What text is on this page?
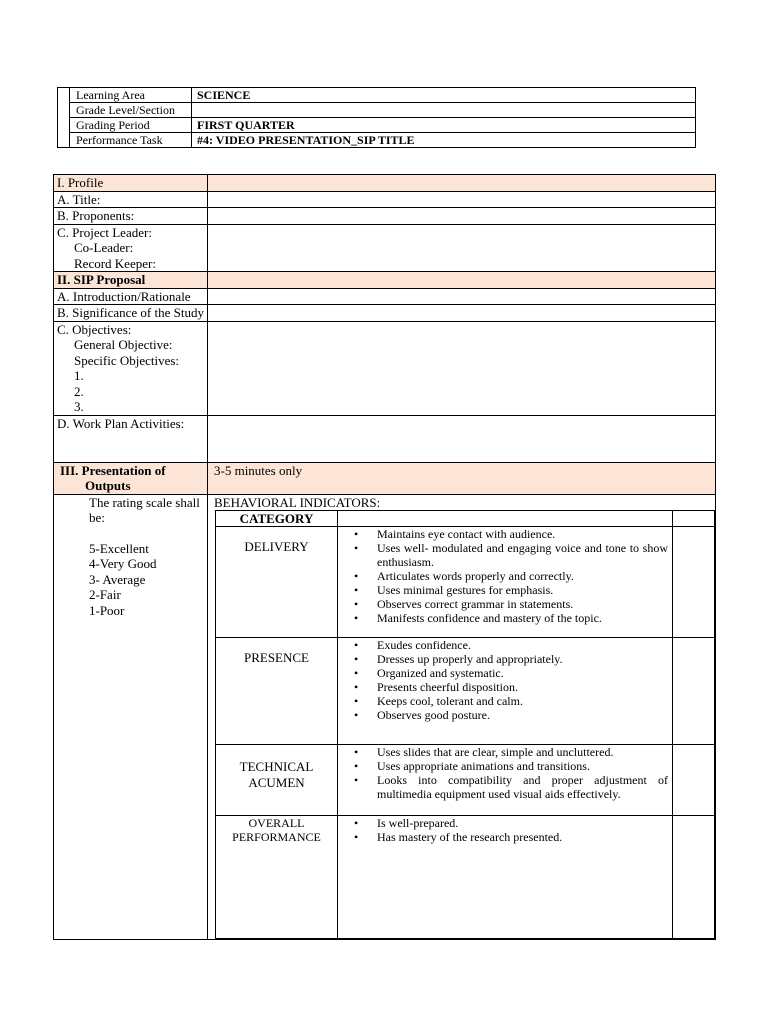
	Learning Area	SCIENCE
	Grade Level/Section	
	Grading Period	FIRST QUARTER
	Performance Task	#4: VIDEO PRESENTATION_SIP TITLE
I. Profile	
A. Title:	
B. Proponents:	

C. Project Leader:
Co-Leader:
Record Keeper:

II. SIP Proposal	
A. Introduction/Rationale	
B. Significance of the Study	

C. Objectives:
General Objective:
Specific Objectives:
1.
2.
3.

D. Work Plan Activities:	
III. Presentation of Outputs	3-5 minutes only

The rating scale shall be:
5-Excellent
4-Very Good
3- Average
2-Fair
1-Poor

BEHAVIORAL INDICATORS:
CATEGORY		
DELIVERY	
• Maintains eye contact with audience.
• Uses well- modulated and engaging voice and tone to show enthusiasm.
• Articulates words properly and correctly.
• Uses minimal gestures for emphasis.
• Observes correct grammar in statements.
• Manifests confidence and mastery of the topic.

PRESENCE	
• Exudes confidence.
• Dresses up properly and appropriately.
• Organized and systematic.
• Presents cheerful disposition.
• Keeps cool, tolerant and calm.
• Observes good posture.

TECHNICAL ACUMEN	
• Uses slides that are clear, simple and uncluttered.
• Uses appropriate animations and transitions.
• Looks into compatibility and proper adjustment of multimedia equipment used visual aids effectively.

OVERALL PERFORMANCE	
• Is well-prepared.
• Has mastery of the research presented.
